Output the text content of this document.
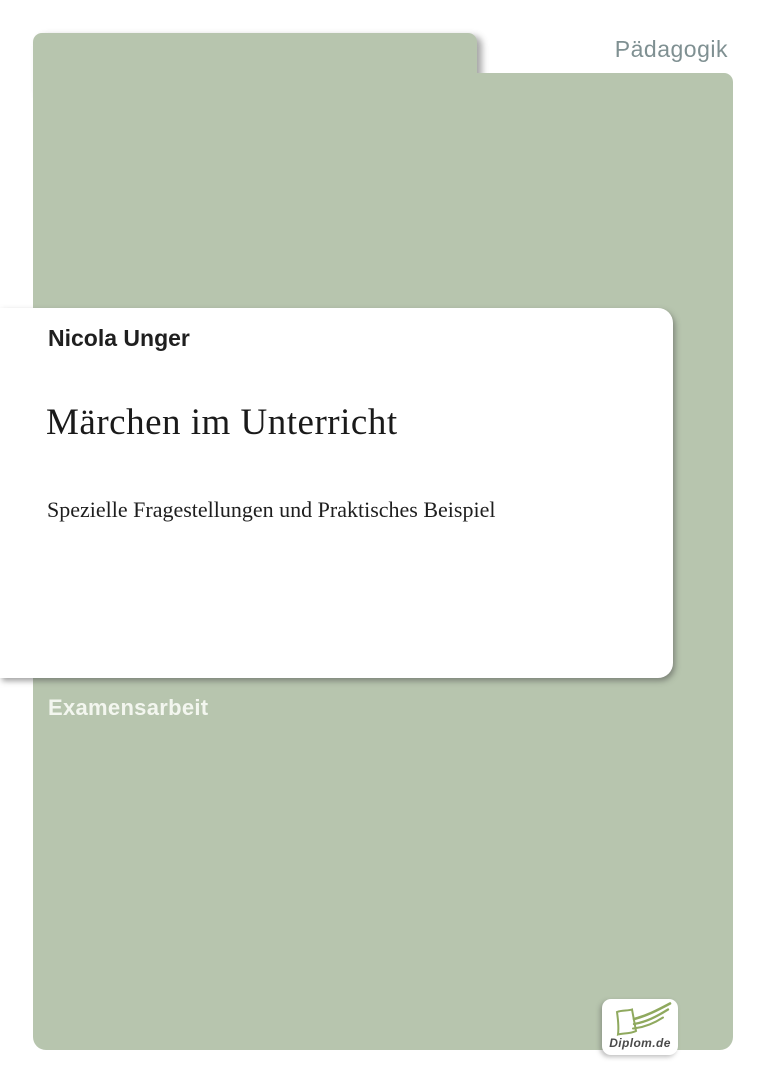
Pädagogik
Nicola Unger
Märchen im Unterricht
Spezielle Fragestellungen und Praktisches Beispiel
Examensarbeit
Diplom.de
